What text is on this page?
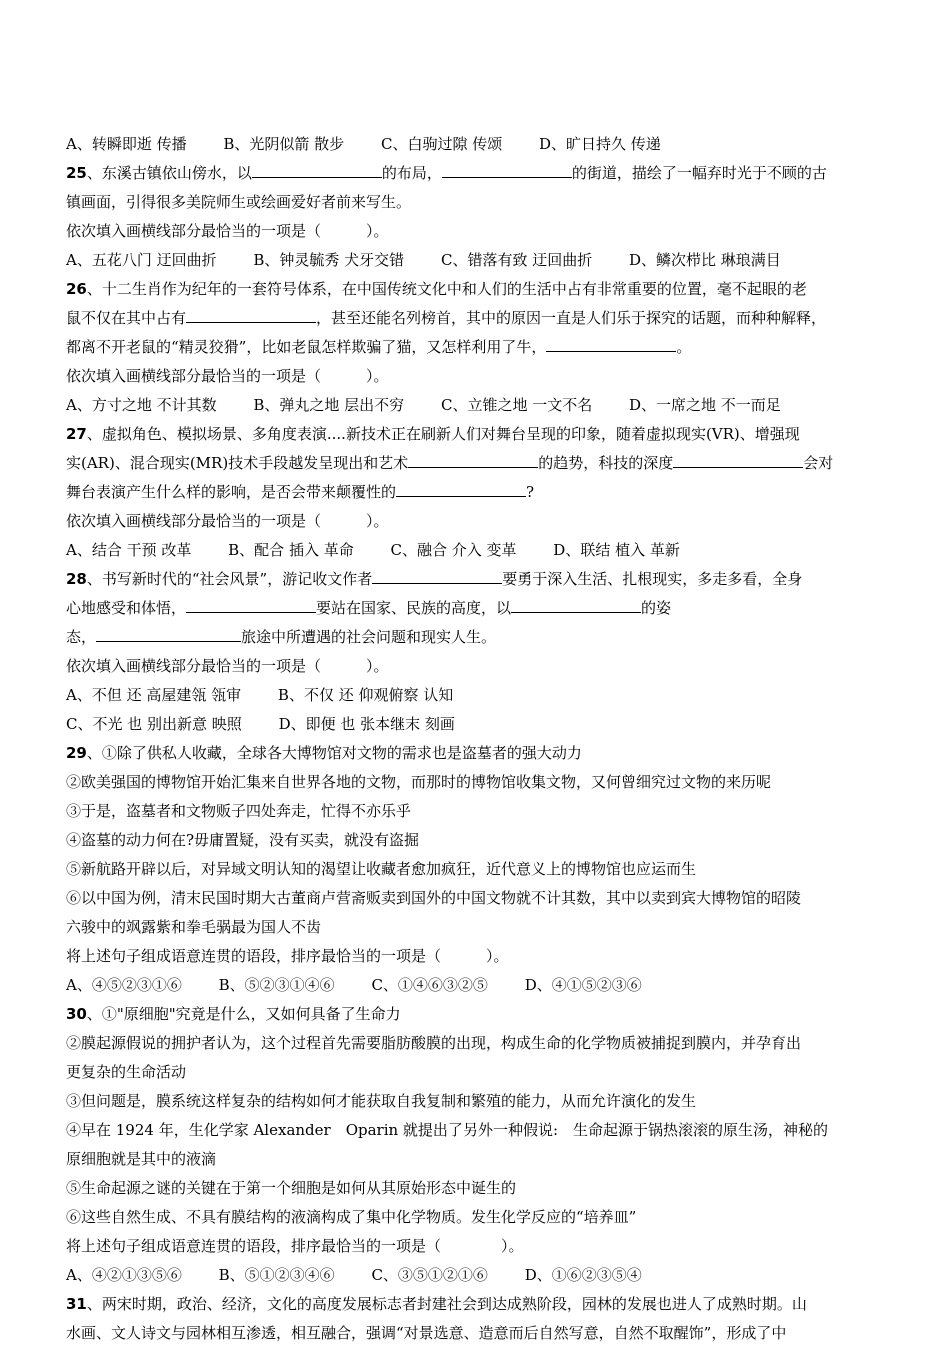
A、转瞬即逝 传播 B、光阴似箭 散步 C、白驹过隙 传颂 D、旷日持久 传递
25、东溪古镇依山傍水，以	的布局，	的街道，描绘了一幅弃时光于不顾的古
镇画面，引得很多美院师生或绘画爱好者前来写生。
依次填入画横线部分最恰当的一项是（　　　）。
A、五花八门 迂回曲折 B、钟灵毓秀 犬牙交错 C、错落有致 迂回曲折 D、鳞次栉比 琳琅满目
26、十二生肖作为纪年的一套符号体系，在中国传统文化中和人们的生活中占有非常重要的位置，毫不起眼的老
鼠不仅在其中占有	，甚至还能名列榜首，其中的原因一直是人们乐于探究的话题，而种种解释，
都离不开老鼠的“精灵狡猾”，比如老鼠怎样欺骗了猫，又怎样利用了牛，	。
依次填入画横线部分最恰当的一项是（　　　）。
A、方寸之地 不计其数 B、弹丸之地 层出不穷 C、立锥之地 一文不名 D、一席之地 不一而足
27、虚拟角色、模拟场景、多角度表演....新技术正在刷新人们对舞台呈现的印象，随着虚拟现实(VR)、增强现
实(AR)、混合现实(MR)技术手段越发呈现出和艺术	的趋势，科技的深度	会对
舞台表演产生什么样的影响，是否会带来颠覆性的	?
依次填入画横线部分最恰当的一项是（　　　）。
A、结合 干预 改革 B、配合 插入 革命 C、融合 介入 变革 D、联结 植入 革新
28、书写新时代的“社会风景”，游记收文作者	要勇于深入生活、扎根现实，多走多看，全身
心地感受和体悟，	要站在国家、民族的高度，以	的姿
态，	旅途中所遭遇的社会问题和现实人生。
依次填入画横线部分最恰当的一项是（　　　）。
A、不但 还 高屋建瓴 瓴审 B、不仅 还 仰观俯察 认知
C、不光 也 别出新意 映照 D、即便 也 张本继末 刻画
29、①除了供私人收藏，全球各大博物馆对文物的需求也是盗墓者的强大动力
②欧美强国的博物馆开始汇集来自世界各地的文物，而那时的博物馆收集文物，又何曾细究过文物的来历呢
③于是，盗墓者和文物贩子四处奔走，忙得不亦乐乎
④盗墓的动力何在?毋庸置疑，没有买卖，就没有盗掘
⑤新航路开辟以后，对异域文明认知的渴望让收藏者愈加疯狂，近代意义上的博物馆也应运而生
⑥以中国为例，清末民国时期大古董商卢营斋贩卖到国外的中国文物就不计其数，其中以卖到宾大博物馆的昭陵
六骏中的飒露紫和拳毛䯄最为国人不齿
将上述句子组成语意连贯的语段，排序最恰当的一项是（　　　）。
A、④⑤②③①⑥ B、⑤②③①④⑥ C、①④⑥③②⑤ D、④①⑤②③⑥
30、①"原细胞"究竟是什么，又如何具备了生命力
②膜起源假说的拥护者认为，这个过程首先需要脂肪酸膜的出现，构成生命的化学物质被捕捉到膜内，并孕育出
更复杂的生命活动
③但问题是，膜系统这样复杂的结构如何才能获取自我复制和繁殖的能力，从而允许演化的发生
④早在 1924 年，生化学家 Alexander　Oparin 就提出了另外一种假说:　生命起源于锅热滚滚的原生汤，神秘的
原细胞就是其中的液滴
⑤生命起源之谜的关键在于第一个细胞是如何从其原始形态中诞生的
⑥这些自然生成、不具有膜结构的液滴构成了集中化学物质。发生化学反应的“培养皿”
将上述句子组成语意连贯的语段，排序最恰当的一项是（　　　　）。
A、④②①③⑤⑥ B、⑤①②③④⑥ C、③⑤①②①⑥ D、①⑥②③⑤④
31、两宋时期，政治、经济，文化的高度发展标志者封建社会到达成熟阶段，园林的发展也进人了成熟时期。山
水画、文人诗文与园林相互渗透，相互融合，强调“对景选意、造意而后自然写意，自然不取醒饰”，形成了中
